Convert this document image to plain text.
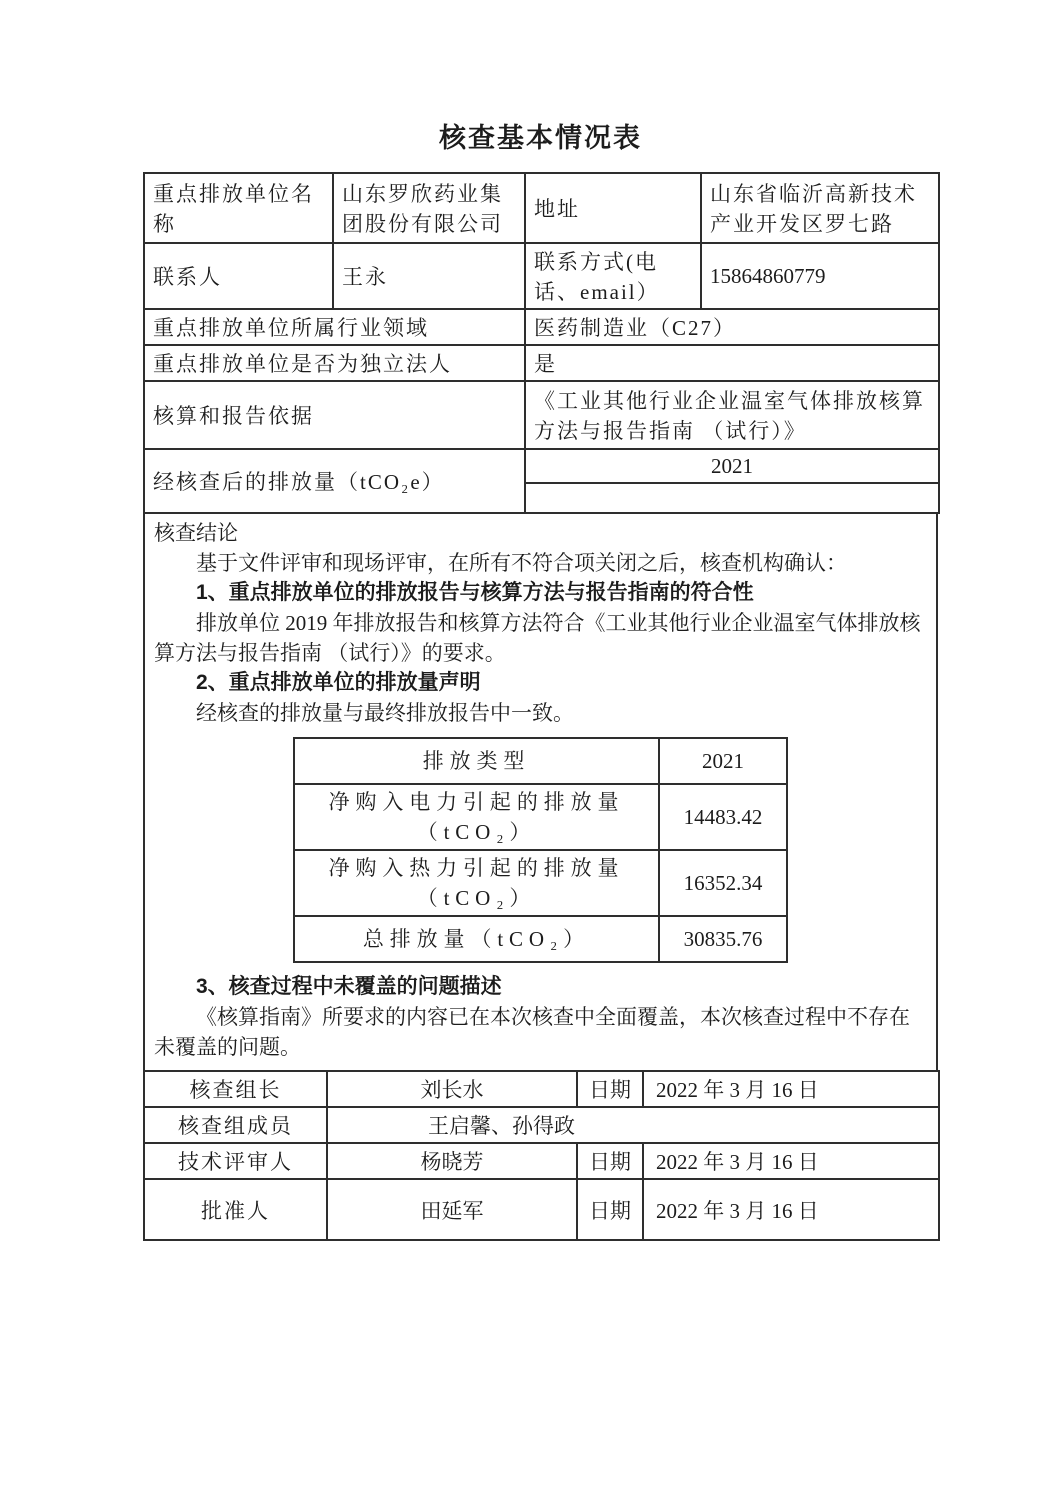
核查基本情况表
重点排放单位名称	山东罗欣药业集团股份有限公司	地址	山东省临沂高新技术产业开发区罗七路
联系人	王永	联系方式(电话、email）	15864860779
重点排放单位所属行业领域		医药制造业（C27）	
重点排放单位是否为独立法人		是	
核算和报告依据		《工业其他行业企业温室气体排放核算方法与报告指南 （试行）》	
经核查后的排放量（tCO₂e）		2021	

核查结论

基于文件评审和现场评审，在所有不符合项关闭之后，核查机构确认：

1、重点排放单位的排放报告与核算方法与报告指南的符合性

排放单位 2019 年排放报告和核算方法符合《工业其他行业企业温室气体排放核算方法与报告指南 （试行）》的要求。

2、重点排放单位的排放量声明

经核查的排放量与最终排放报告中一致。

排放类型	2021
净购入电力引起的排放量（tCO₂）	14483.42
净购入热力引起的排放量（tCO₂）	16352.34
总排放量（tCO₂）	30835.76

3、核查过程中未覆盖的问题描述

《核算指南》所要求的内容已在本次核查中全面覆盖，本次核查过程中不存在未覆盖的问题。

核查组长	刘长水	日期	2022 年 3 月 16 日
核查组成员	王启馨、孙得政		
技术评审人	杨晓芳	日期	2022 年 3 月 16 日
批准人	田延军	日期	2022 年 3 月 16 日
